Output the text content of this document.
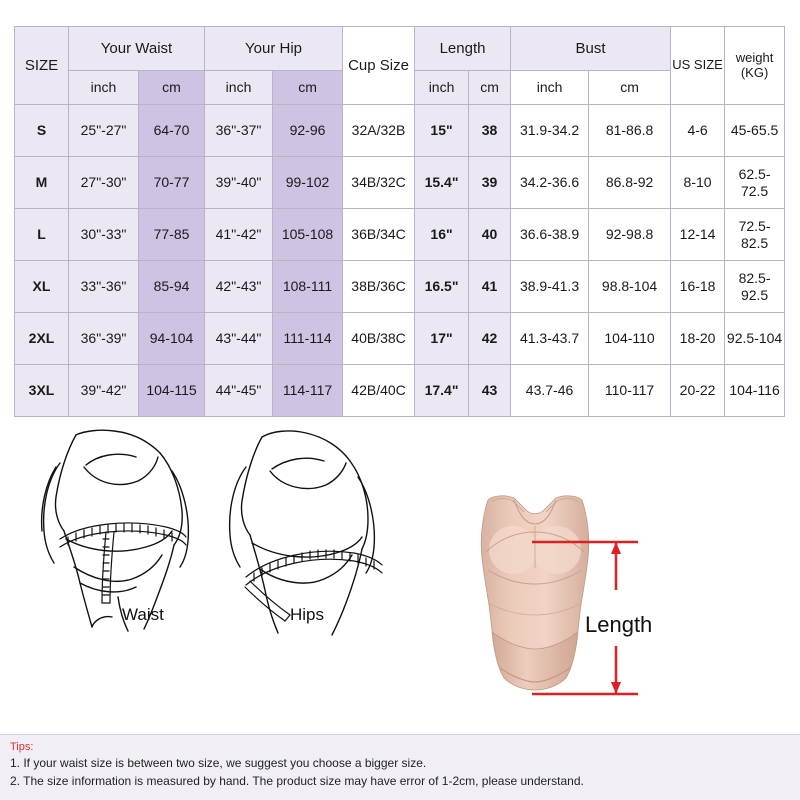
SIZE	Your Waist		Your Hip		Cup Size	Length		Bust		US SIZE	weight (KG)
	inch	cm	inch	cm		inch	cm	inch	cm		
S	25"-27"	64-70	36"-37"	92-96	32A/32B	15"	38	31.9-34.2	81-86.8	4-6	45-65.5
M	27"-30"	70-77	39"-40"	99-102	34B/32C	15.4"	39	34.2-36.6	86.8-92	8-10	62.5-72.5
L	30"-33"	77-85	41"-42"	105-108	36B/34C	16"	40	36.6-38.9	92-98.8	12-14	72.5-82.5
XL	33"-36"	85-94	42"-43"	108-111	38B/36C	16.5"	41	38.9-41.3	98.8-104	16-18	82.5-92.5
2XL	36"-39"	94-104	43"-44"	111-114	40B/38C	17"	42	41.3-43.7	104-110	18-20	92.5-104
3XL	39"-42"	104-115	44"-45"	114-117	42B/40C	17.4"	43	43.7-46	110-117	20-22	104-116
Waist	Hips	Length
Tips:
1. If your waist size is between two size, we suggest you choose a bigger size.
2. The size information is measured by hand. The product size may have error of 1-2cm, please understand.
